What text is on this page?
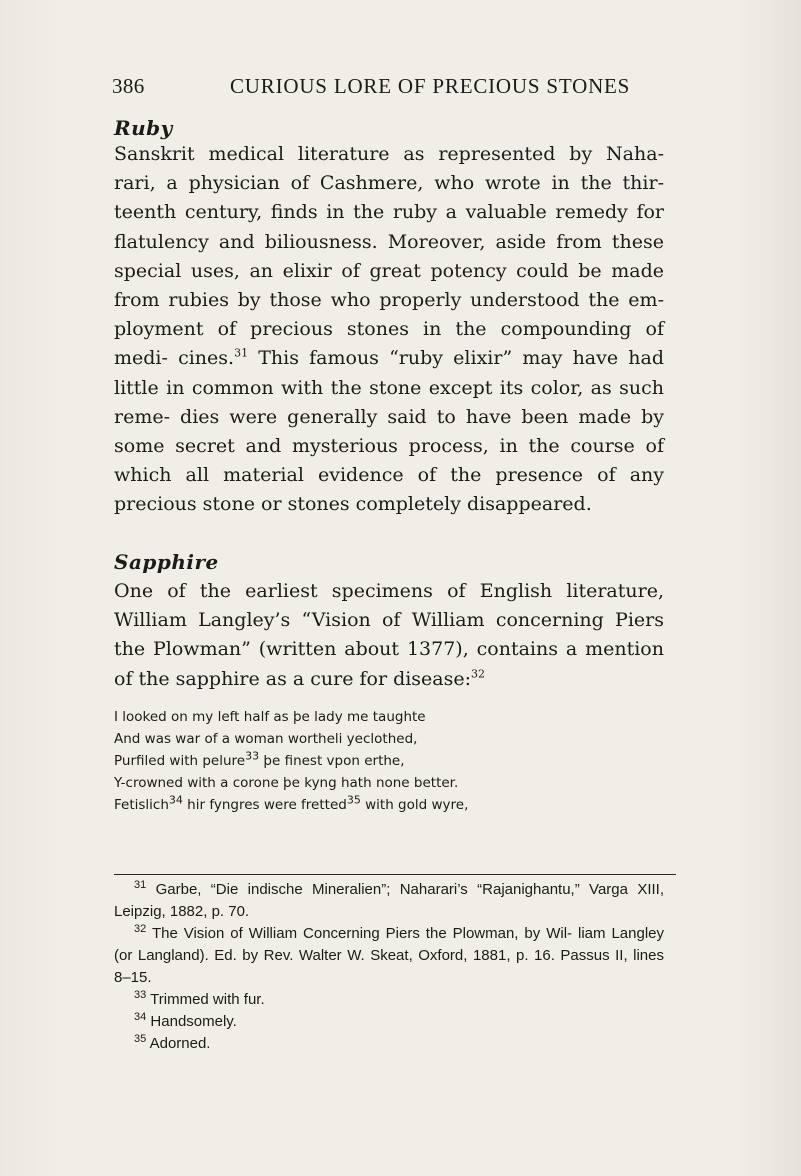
386	CURIOUS LORE OF PRECIOUS STONES
Ruby

Sanskrit medical literature as represented by Naha- rari, a physician of Cashmere, who wrote in the thir- teenth century, finds in the ruby a valuable remedy for flatulency and biliousness. Moreover, aside from these special uses, an elixir of great potency could be made from rubies by those who properly understood the em- ployment of precious stones in the compounding of medi- cines.$^{31}$ This famous “ruby elixir” may have had little in common with the stone except its color, as such reme- dies were generally said to have been made by some secret and mysterious process, in the course of which all material evidence of the presence of any precious stone or stones completely disappeared.

Sapphire

One of the earliest specimens of English literature, William Langley’s “Vision of William concerning Piers the Plowman” (written about 1377), contains a mention of the sapphire as a cure for disease:$^{32}$

I looked on my left half as þe lady me taughte
And was war of a woman wortheli yeclothed,
Purfiled with pelure$^{33}$ þe finest vpon erthe,
Y-crowned with a corone þe kyng hath none better.
Fetislich$^{34}$ hir fyngres were fretted$^{35}$ with gold wyre,

$^{31}$ Garbe, “Die indische Mineralien”; Naharari’s “Rajanighantu,” Varga XIII, Leipzig, 1882, p. 70.

$^{32}$ The Vision of William Concerning Piers the Plowman, by Wil- liam Langley (or Langland). Ed. by Rev. Walter W. Skeat, Oxford, 1881, p. 16. Passus II, lines 8–15.

$^{33}$ Trimmed with fur.

$^{34}$ Handsomely.

$^{35}$ Adorned.
